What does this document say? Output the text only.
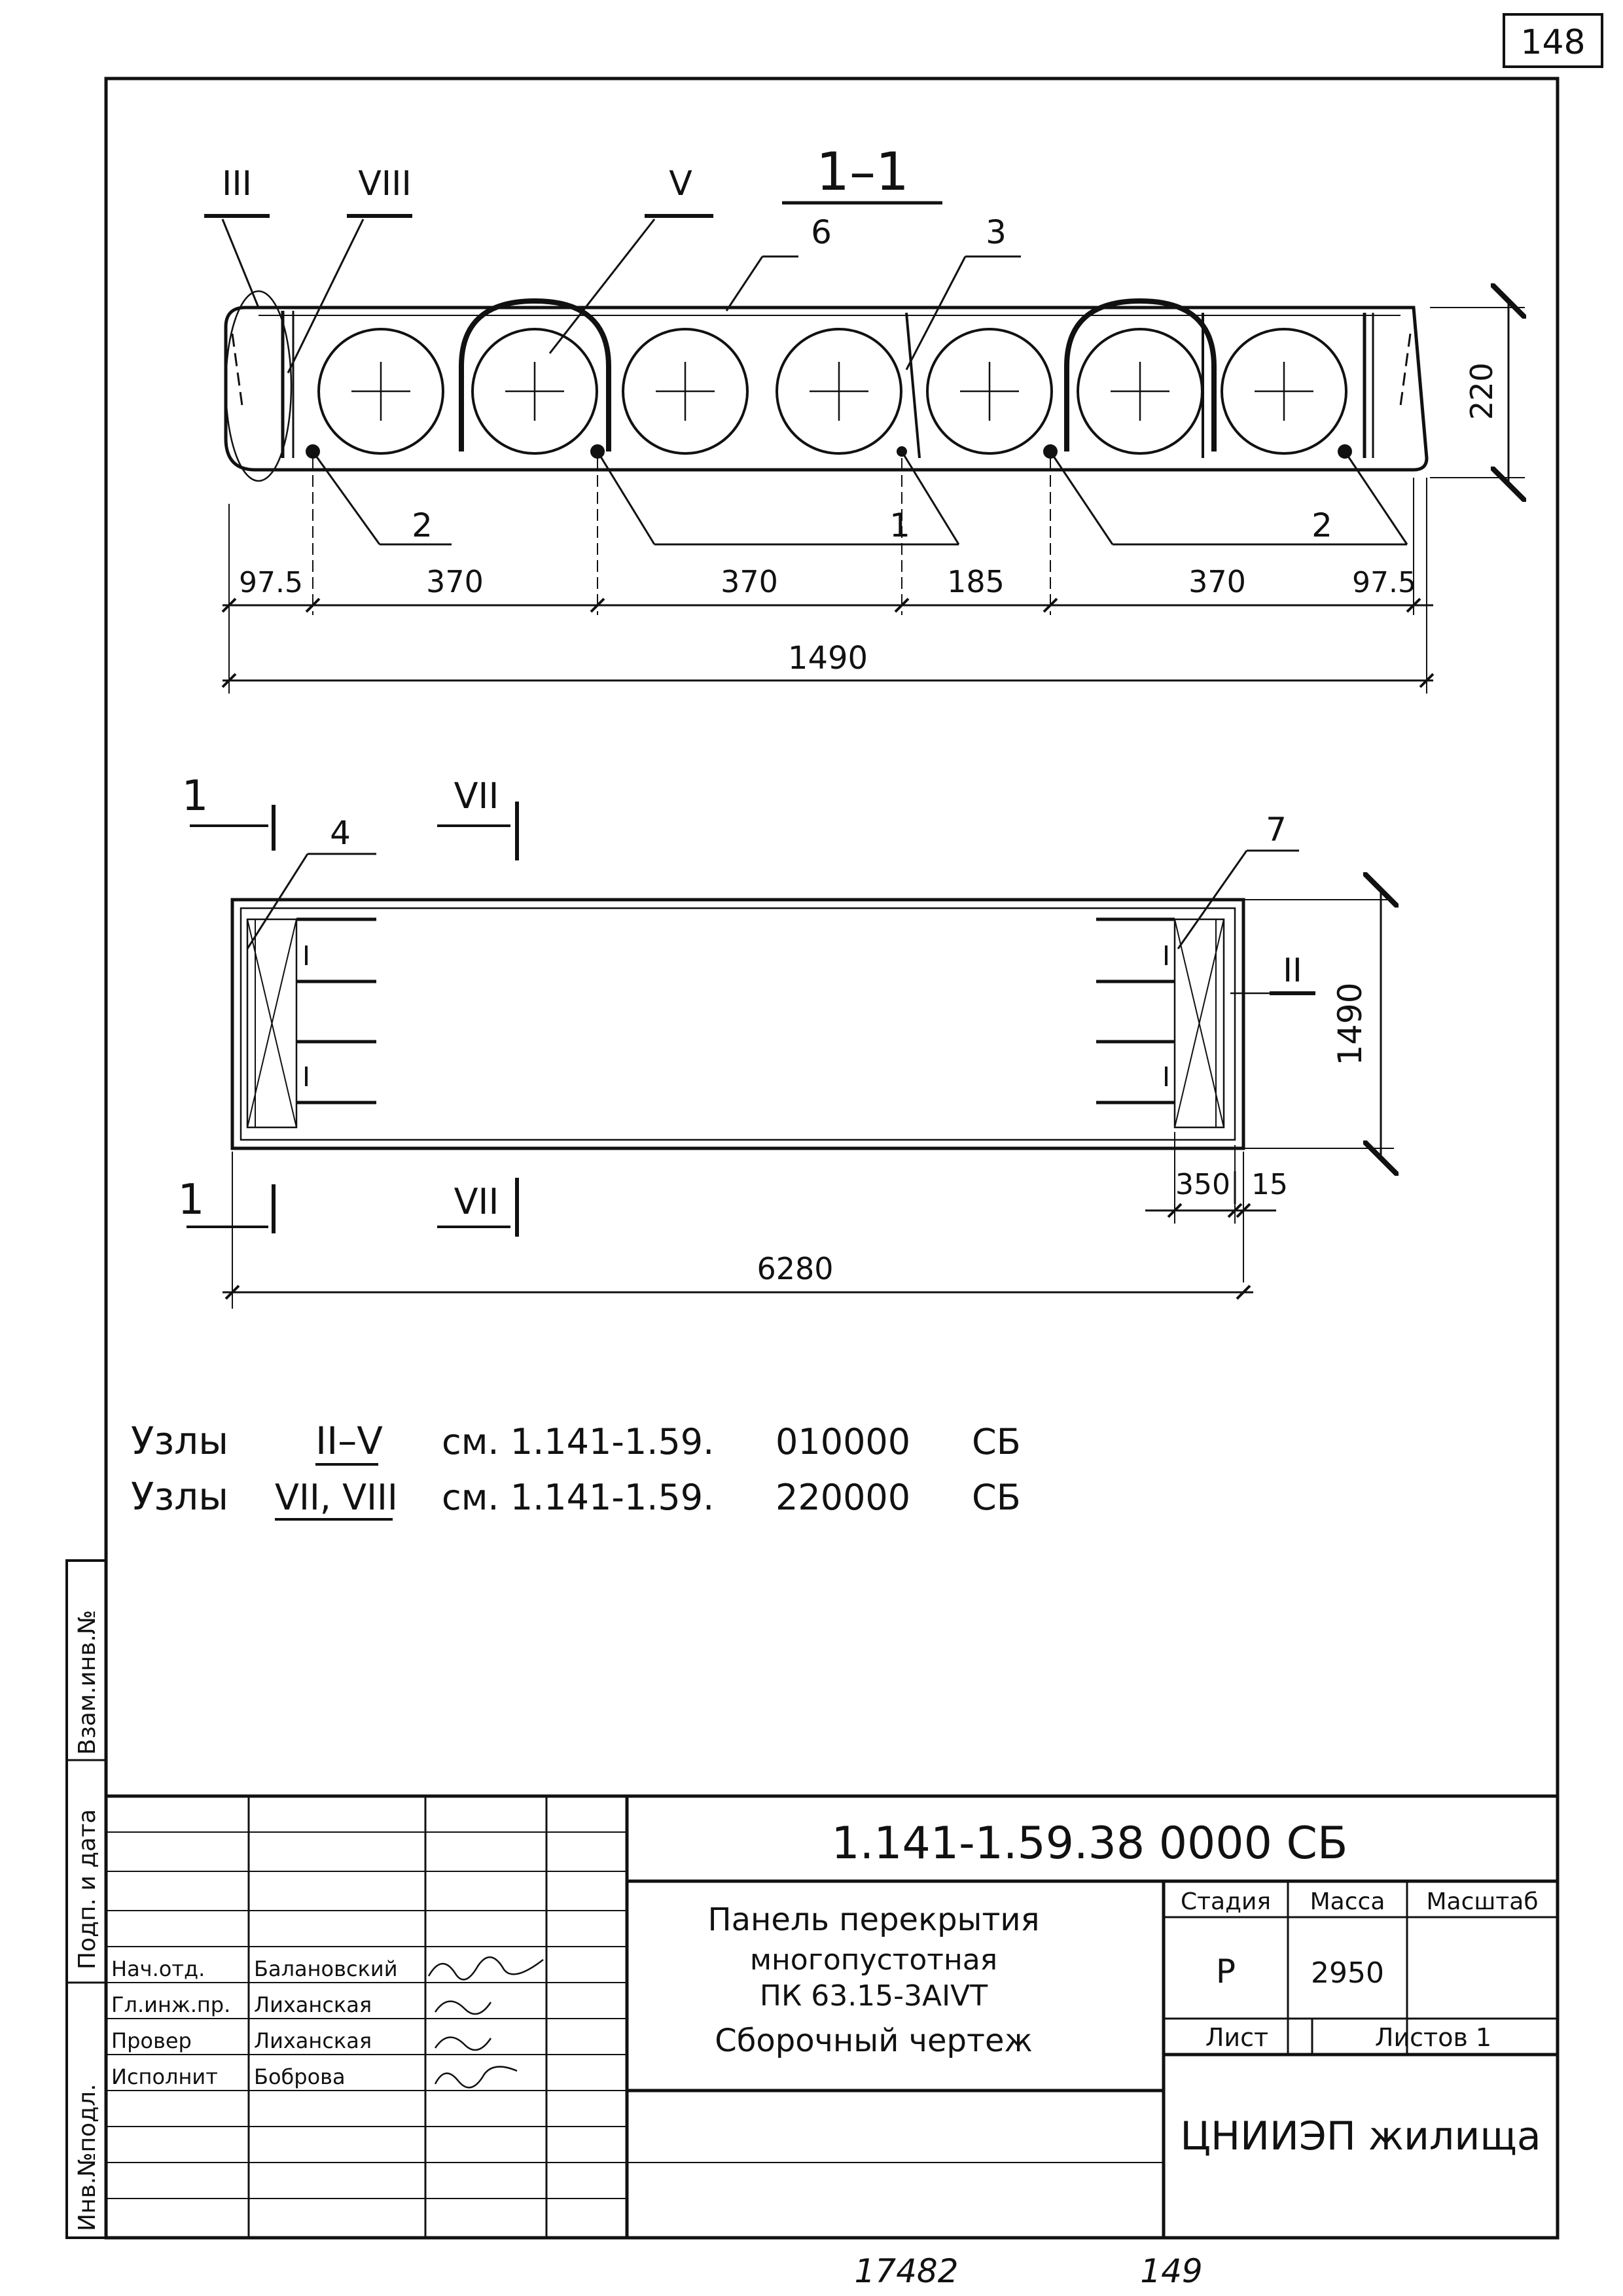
148
Взам.инв.№
Подп. и дата
Инв.№подл.
1–1
III	VIII	V
6	3
2	1	2
220
97.5	370	370	185	370	97.5
1490
1	VII
1	VII
4	7
II
1490
350 15
6280
Узлы II–V см. 1.141-1.59. 010000 СБ
Узлы VII, VIII см. 1.141-1.59. 220000 СБ
Нач.отд. Балановский
Гл.инж.пр. Лиханская
Провер	Лиханская
Исполнит Боброва
1.141-1.59.38 0000 СБ
Панель перекрытия
многопустотная
ПК 63.15-3АIVТ
Сборочный чертеж
Стадия Масса Масштаб
Р	2950
Лист	Листов 1
ЦНИИЭП жилища
17482	149
